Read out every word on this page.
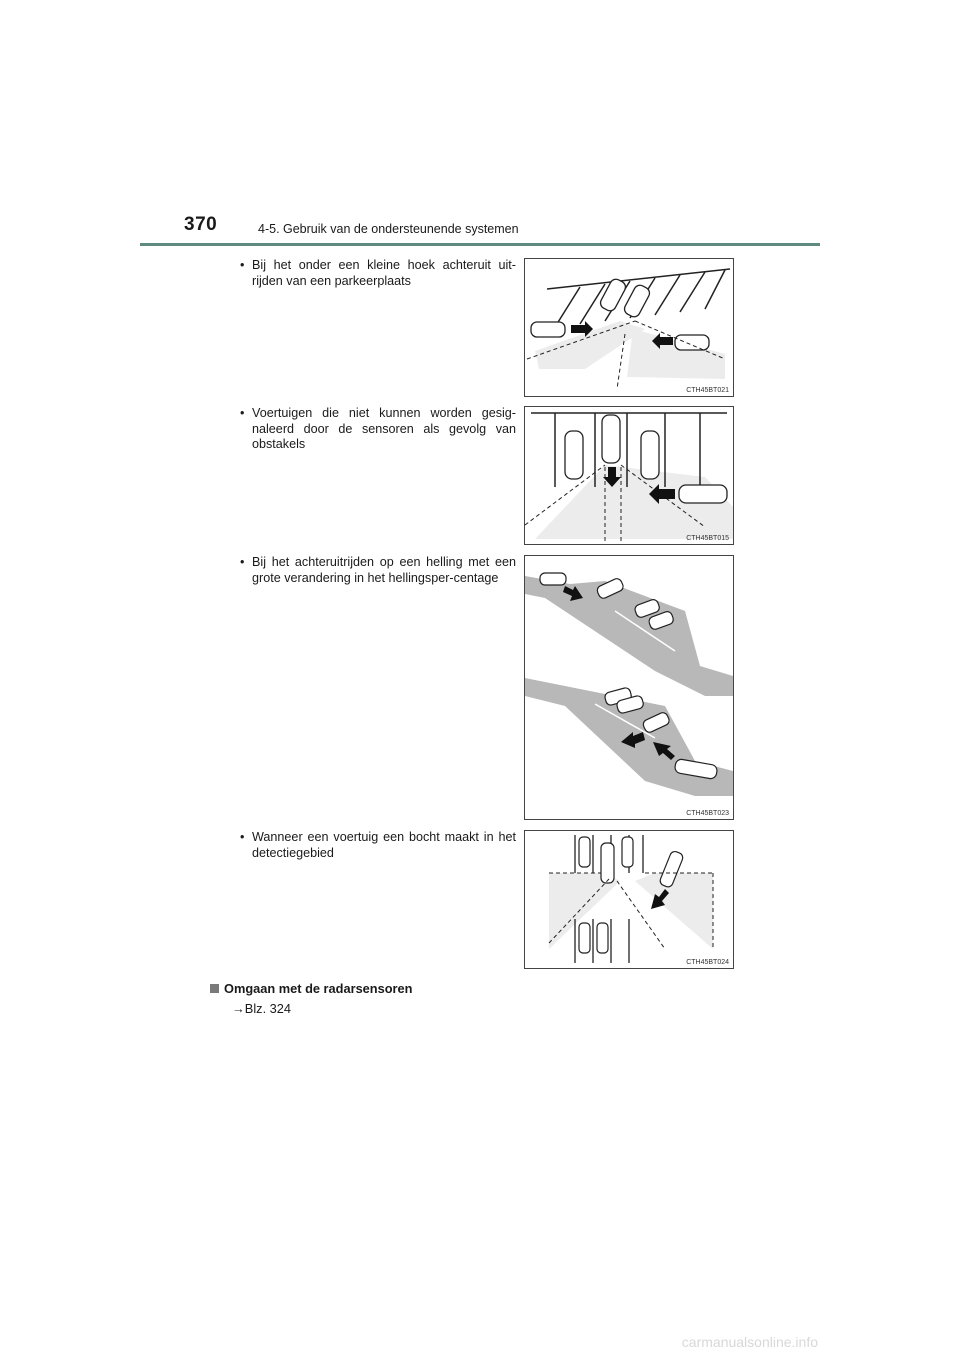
370	4-5. Gebruik van de ondersteunende systemen
• Bij het onder een kleine hoek achteruit uit-rijden van een parkeerplaats
CTH45BT021
• Voertuigen die niet kunnen worden gesig-naleerd door de sensoren als gevolg van obstakels
CTH45BT015
• Bij het achteruitrijden op een helling met een grote verandering in het hellingsper-centage
CTH45BT023
• Wanneer een voertuig een bocht maakt in het detectiegebied
CTH45BT024
Omgaan met de radarsensoren
→Blz. 324
carmanualsonline.info
